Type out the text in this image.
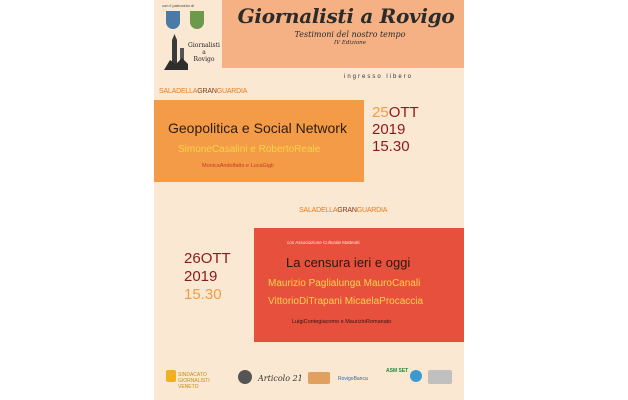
con il patrocinio di
Giornalisti
a
Rovigo
Giornalisti a Rovigo
Testimoni del nostro tempo
IV Edizione
ingresso libero
SALADELLAGRANGUARDIA
Geopolitica e Social Network
SimoneCasalini e RobertoReale
MonicaAndolfatto e LucaGigli
25OTT
2019
15.30
SALADELLAGRANGUARDIA
26OTT
2019
15.30
con Associazione Culturale Matteotti
La censura ieri e oggi
Maurizio Paglialunga MauroCanali
VittorioDiTrapani MicaelaProcaccia
LuigiContegiacomo e MaurizioRomanato
SINDACATO GIORNALISTI VENETO
Articolo 21	RovigoBanca
ASM SET
